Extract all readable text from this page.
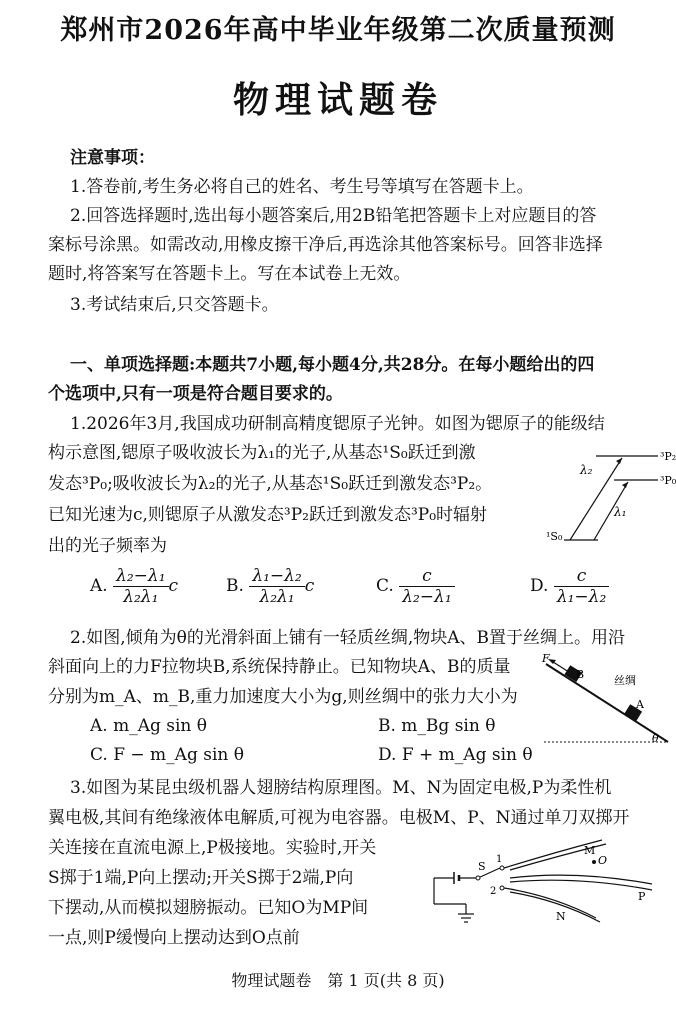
郑州市2026年高中毕业年级第二次质量预测
物理试题卷
注意事项：
1.答卷前,考生务必将自己的姓名、考生号等填写在答题卡上。
2.回答选择题时,选出每小题答案后,用2B铅笔把答题卡上对应题目的答
案标号涂黑。如需改动,用橡皮擦干净后,再选涂其他答案标号。回答非选择
题时,将答案写在答题卡上。写在本试卷上无效。
3.考试结束后,只交答题卡。
一、单项选择题:本题共7小题,每小题4分,共28分。在每小题给出的四
个选项中,只有一项是符合题目要求的。
1.2026年3月,我国成功研制高精度锶原子光钟。如图为锶原子的能级结
构示意图,锶原子吸收波长为λ₁的光子,从基态¹S₀跃迁到激
发态³P₀;吸收波长为λ₂的光子,从基态¹S₀跃迁到激发态³P₂。
已知光速为c,则锶原子从激发态³P₂跃迁到激发态³P₀时辐射
出的光子频率为
³P₂
³P₀
¹S₀
λ₂
λ₁
A. $\frac{\text{λ₂−λ₁}}{\text{λ₂λ₁}}$ c	B. $\frac{\text{λ₁−λ₂}}{\text{λ₂λ₁}}$ c	C. $\frac{c}{\text{λ₂−λ₁}}$	D. $\frac{c}{\text{λ₁−λ₂}}$
2.如图,倾角为θ的光滑斜面上铺有一轻质丝绸,物块A、B置于丝绸上。用沿
斜面向上的力F拉物块B,系统保持静止。已知物块A、B的质量
分别为m_A、m_B,重力加速度大小为g,则丝绸中的张力大小为
F
B
A
丝绸
θ
A. m_Ag sin θ	B. m_Bg sin θ
C. F − m_Ag sin θ	D. F + m_Ag sin θ
3.如图为某昆虫级机器人翅膀结构原理图。M、N为固定电极,P为柔性机
翼电极,其间有绝缘液体电解质,可视为电容器。电极M、P、N通过单刀双掷开
关连接在直流电源上,P极接地。实验时,开关
S掷于1端,P向上摆动;开关S掷于2端,P向
下摆动,从而模拟翅膀振动。已知O为MP间
一点,则P缓慢向上摆动达到O点前
S
1
2
M
O
P
N
物理试题卷　第 1 页(共 8 页)
